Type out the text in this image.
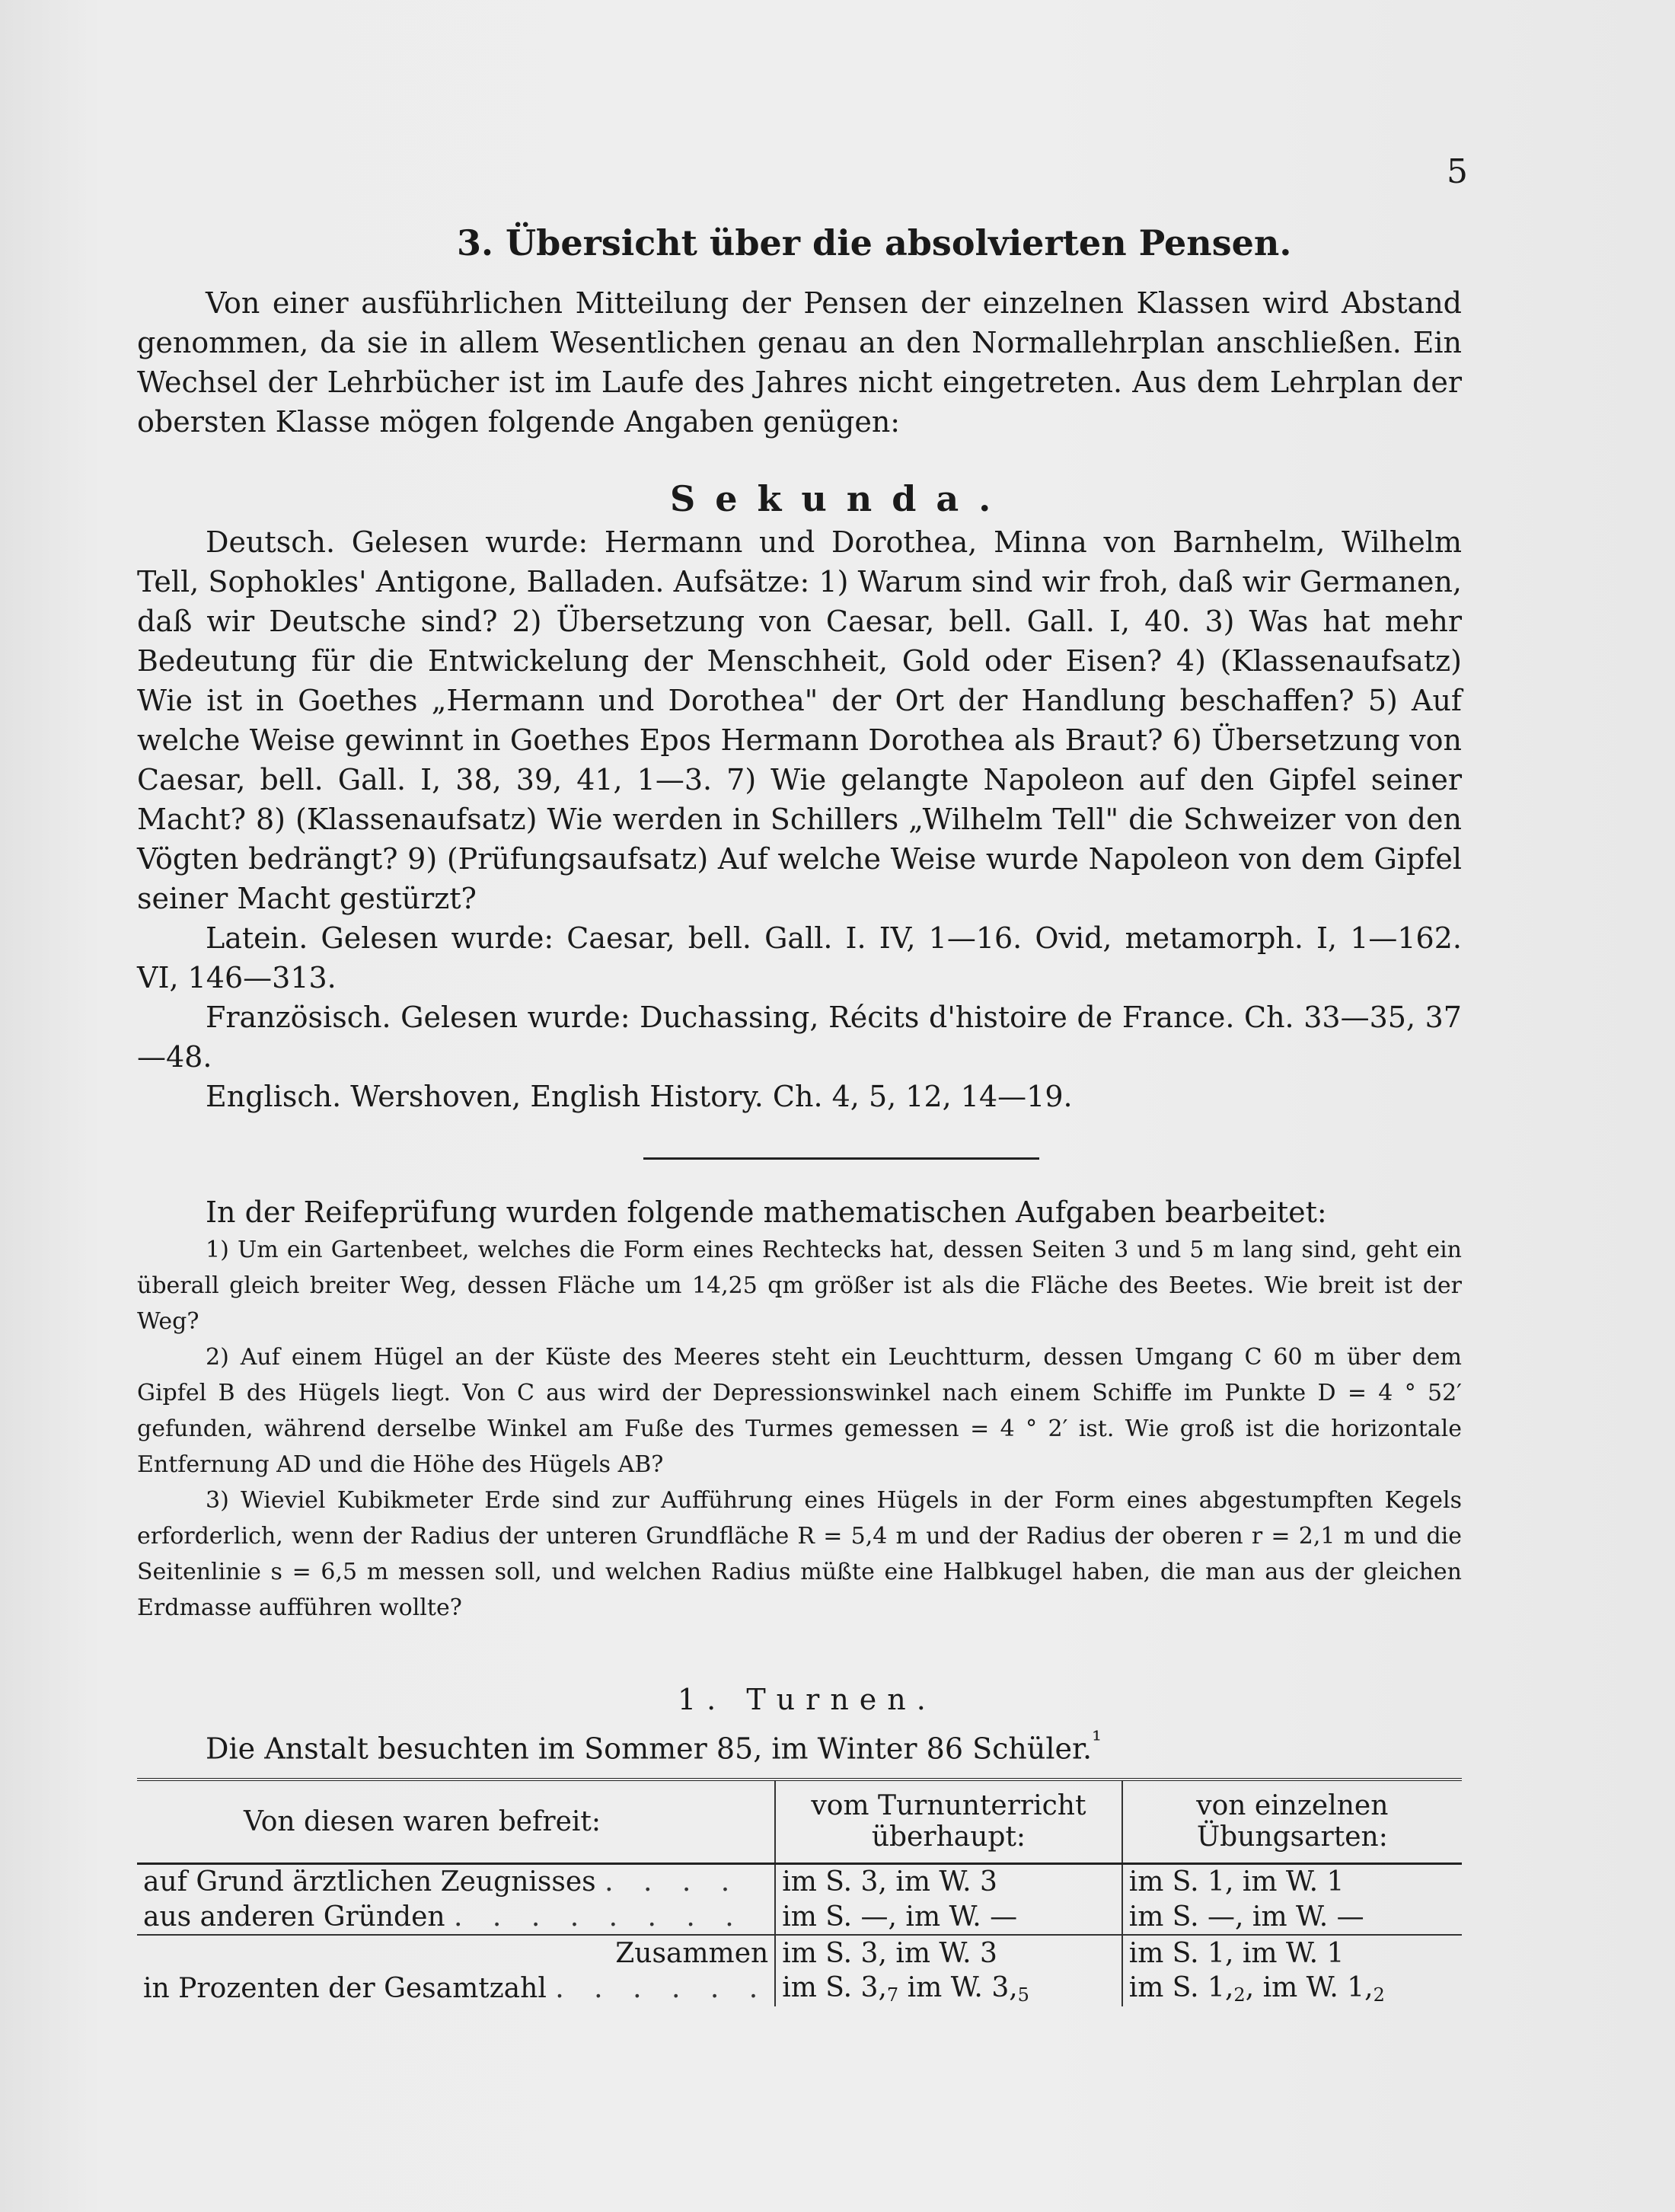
5
3. Übersicht über die absolvierten Pensen.

Von einer ausführlichen Mitteilung der Pensen der einzelnen Klassen wird Abstand genommen, da sie in allem Wesentlichen genau an den Normallehrplan anschließen. Ein Wechsel der Lehrbücher ist im Laufe des Jahres nicht eingetreten. Aus dem Lehrplan der obersten Klasse mögen folgende Angaben genügen:

Sekunda.

Deutsch. Gelesen wurde: Hermann und Dorothea, Minna von Barnhelm, Wilhelm Tell, Sophokles' Antigone, Balladen. Aufsätze: 1) Warum sind wir froh, daß wir Germanen, daß wir Deutsche sind? 2) Übersetzung von Caesar, bell. Gall. I, 40. 3) Was hat mehr Bedeutung für die Entwickelung der Menschheit, Gold oder Eisen? 4) (Klassenaufsatz) Wie ist in Goethes „Hermann und Dorothea" der Ort der Handlung beschaffen? 5) Auf welche Weise gewinnt in Goethes Epos Hermann Dorothea als Braut? 6) Übersetzung von Caesar, bell. Gall. I, 38, 39, 41, 1—3. 7) Wie gelangte Napoleon auf den Gipfel seiner Macht? 8) (Klassenaufsatz) Wie werden in Schillers „Wilhelm Tell" die Schweizer von den Vögten bedrängt? 9) (Prüfungsaufsatz) Auf welche Weise wurde Napoleon von dem Gipfel seiner Macht gestürzt?

Latein. Gelesen wurde: Caesar, bell. Gall. I. IV, 1—16. Ovid, metamorph. I, 1—162. VI, 146—313.

Französisch. Gelesen wurde: Duchassing, Récits d'histoire de France. Ch. 33—35, 37—48.

Englisch. Wershoven, English History. Ch. 4, 5, 12, 14—19.

In der Reifeprüfung wurden folgende mathematischen Aufgaben bearbeitet:

1) Um ein Gartenbeet, welches die Form eines Rechtecks hat, dessen Seiten 3 und 5 m lang sind, geht ein überall gleich breiter Weg, dessen Fläche um 14,25 qm größer ist als die Fläche des Beetes. Wie breit ist der Weg?

2) Auf einem Hügel an der Küste des Meeres steht ein Leuchtturm, dessen Umgang C 60 m über dem Gipfel B des Hügels liegt. Von C aus wird der Depressionswinkel nach einem Schiffe im Punkte D = 4 ° 52′ gefunden, während derselbe Winkel am Fuße des Turmes gemessen = 4 ° 2′ ist. Wie groß ist die horizontale Entfernung AD und die Höhe des Hügels AB?

3) Wieviel Kubikmeter Erde sind zur Aufführung eines Hügels in der Form eines abgestumpften Kegels erforderlich, wenn der Radius der unteren Grundfläche R = 5,4 m und der Radius der oberen r = 2,1 m und die Seitenlinie s = 6,5 m messen soll, und welchen Radius müßte eine Halbkugel haben, die man aus der gleichen Erdmasse aufführen wollte?

1. Turnen.
Die Anstalt besuchten im Sommer 85, im Winter 86 Schüler.$^{^1}$
Von diesen waren befreit:	vom Turnunterricht überhaupt:	von einzelnen Übungsarten:
auf Grund ärztlichen Zeugnisses . . . .	im S. 3, im W. 3	im S. 1, im W. 1
aus anderen Gründen . . . . . . . .	im S. —, im W. —	im S. —, im W. —
Zusammen	im S. 3, im W. 3	im S. 1, im W. 1
in Prozenten der Gesamtzahl . . . . . .	im S. $3,_7$ im W. $3,_5$	im S. $1,_2$, im W. $1,_2$
